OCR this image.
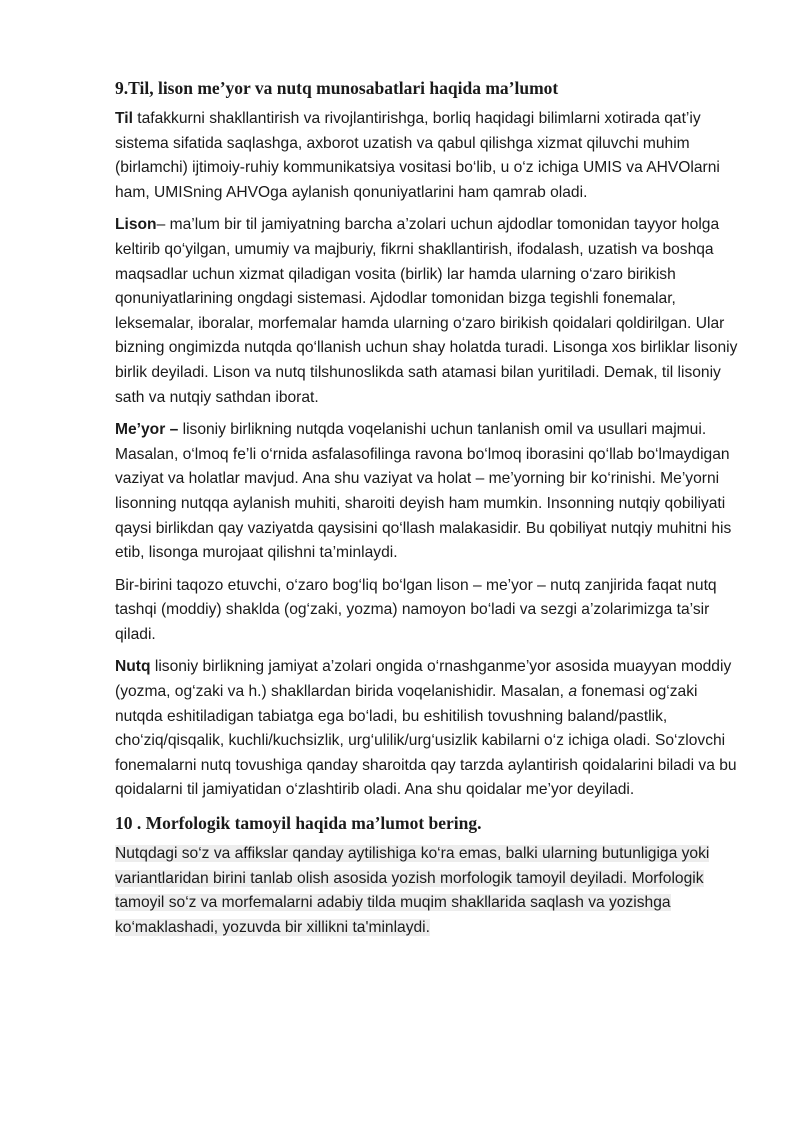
9.Til, lison me’yor va nutq munosabatlari haqida ma’lumot

Til tafakkurni shakllantirish va rivojlantirishga, borliq haqidagi bilimlarni xotirada qat’iy sistema sifatida saqlashga, axborot uzatish va qabul qilishga xizmat qiluvchi muhim (birlamchi) ijtimoiy-ruhiy kommunikatsiya vositasi bo‘lib, u o‘z ichiga UMIS va AHVOlarni ham, UMISning AHVOga aylanish qonuniyatlarini ham qamrab oladi.

Lison– ma’lum bir til jamiyatning barcha a’zolari uchun ajdodlar tomonidan tayyor holga keltirib qo‘yilgan, umumiy va majburiy, fikrni shakllantirish, ifodalash, uzatish va boshqa maqsadlar uchun xizmat qiladigan vosita (birlik) lar hamda ularning o‘zaro birikish qonuniyatlarining ongdagi sistemasi. Ajdodlar tomonidan bizga tegishli fonemalar, leksemalar, iboralar, morfemalar hamda ularning o‘zaro birikish qoidalari qoldirilgan. Ular bizning ongimizda nutqda qo‘llanish uchun shay holatda turadi. Lisonga xos birliklar lisoniy birlik deyiladi. Lison va nutq tilshunoslikda sath atamasi bilan yuritiladi. Demak, til lisoniy sath va nutqiy sathdan iborat.

Me’yor – lisoniy birlikning nutqda voqelanishi uchun tanlanish omil va usullari majmui. Masalan, o‘lmoq fe’li o‘rnida asfalasofilinga ravona bo‘lmoq iborasini qo‘llab bo‘lmaydigan vaziyat va holatlar mavjud. Ana shu vaziyat va holat – me’yorning bir ko‘rinishi. Me’yorni lisonning nutqqa aylanish muhiti, sharoiti deyish ham mumkin. Insonning nutqiy qobiliyati qaysi birlikdan qay vaziyatda qaysisini qo‘llash malakasidir. Bu qobiliyat nutqiy muhitni his etib, lisonga murojaat qilishni ta’minlaydi.

Bir-birini taqozo etuvchi, o‘zaro bog‘liq bo‘lgan lison – me’yor – nutq zanjirida faqat nutq tashqi (moddiy) shaklda (og‘zaki, yozma) namoyon bo‘ladi va sezgi a’zolarimizga ta’sir qiladi.

Nutq lisoniy birlikning jamiyat a’zolari ongida o‘rnashganme’yor asosida muayyan moddiy (yozma, og‘zaki va h.) shakllardan birida voqelanishidir. Masalan, a fonemasi og‘zaki nutqda eshitiladigan tabiatga ega bo‘ladi, bu eshitilish tovushning baland/pastlik, cho‘ziq/qisqalik, kuchli/kuchsizlik, urg‘ulilik/urg‘usizlik kabilarni o‘z ichiga oladi. So‘zlovchi fonemalarni nutq tovushiga qanday sharoitda qay tarzda aylantirish qoidalarini biladi va bu qoidalarni til jamiyatidan o‘zlashtirib oladi. Ana shu qoidalar me’yor deyiladi.

10 . Morfologik tamoyil haqida ma’lumot bering.

Nutqdagi so‘z va affikslar qanday aytilishiga ko‘ra emas, balki ularning butunligiga yoki variantlaridan birini tanlab olish asosida yozish morfologik tamoyil deyiladi. Morfologik tamoyil so‘z va morfemalarni adabiy tilda muqim shakllarida saqlash va yozishga ko‘maklashadi, yozuvda bir xillikni ta'minlaydi.
